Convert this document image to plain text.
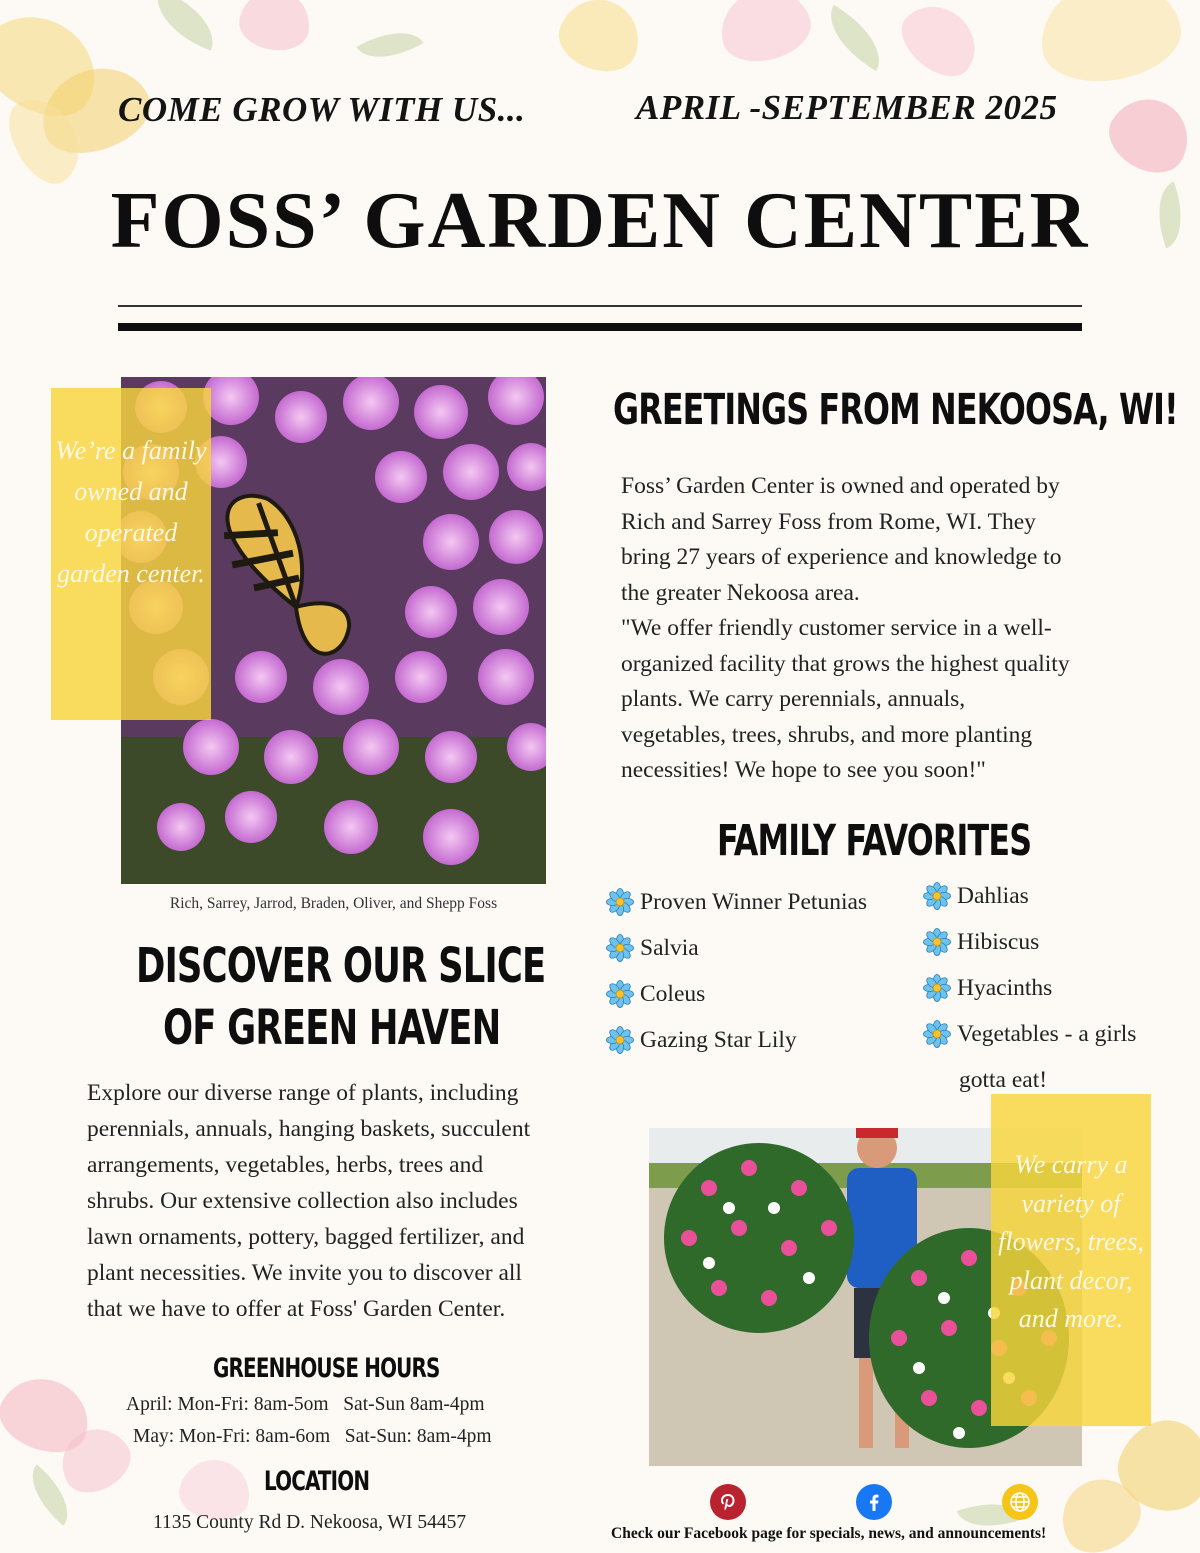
COME GROW WITH US...	APRIL -SEPTEMBER 2025
FOSS’ GARDEN CENTER
We’re a family owned and operated garden center.
Rich, Sarrey, Jarrod, Braden, Oliver, and Shepp Foss
GREETINGS FROM NEKOOSA, WI!
Foss’ Garden Center is owned and operated by
Rich and Sarrey Foss from Rome, WI. They
bring 27 years of experience and knowledge to
the greater Nekoosa area.
"We offer friendly customer service in a well-
organized facility that grows the highest quality
plants. We carry perennials, annuals,
vegetables, trees, shrubs, and more planting
necessities! We hope to see you soon!"
FAMILY FAVORITES
Proven Winner Petunias
Salvia
Coleus
Gazing Star Lily
Dahlias
Hibiscus
Hyacinths
Vegetables - a girls
gotta eat!
DISCOVER OUR SLICE
OF GREEN HAVEN
Explore our diverse range of plants, including
perennials, annuals, hanging baskets, succulent
arrangements, vegetables, herbs, trees and
shrubs. Our extensive collection also includes
lawn ornaments, pottery, bagged fertilizer, and
plant necessities. We invite you to discover all
that we have to offer at Foss' Garden Center.
GREENHOUSE HOURS
April: Mon-Fri: 8am-5om   Sat-Sun 8am-4pm
May: Mon-Fri: 8am-6om   Sat-Sun: 8am-4pm
LOCATION
1135 County Rd D. Nekoosa, WI 54457
We carry a variety of flowers, trees, plant decor, and more.
Check our Facebook page for specials, news, and announcements!
